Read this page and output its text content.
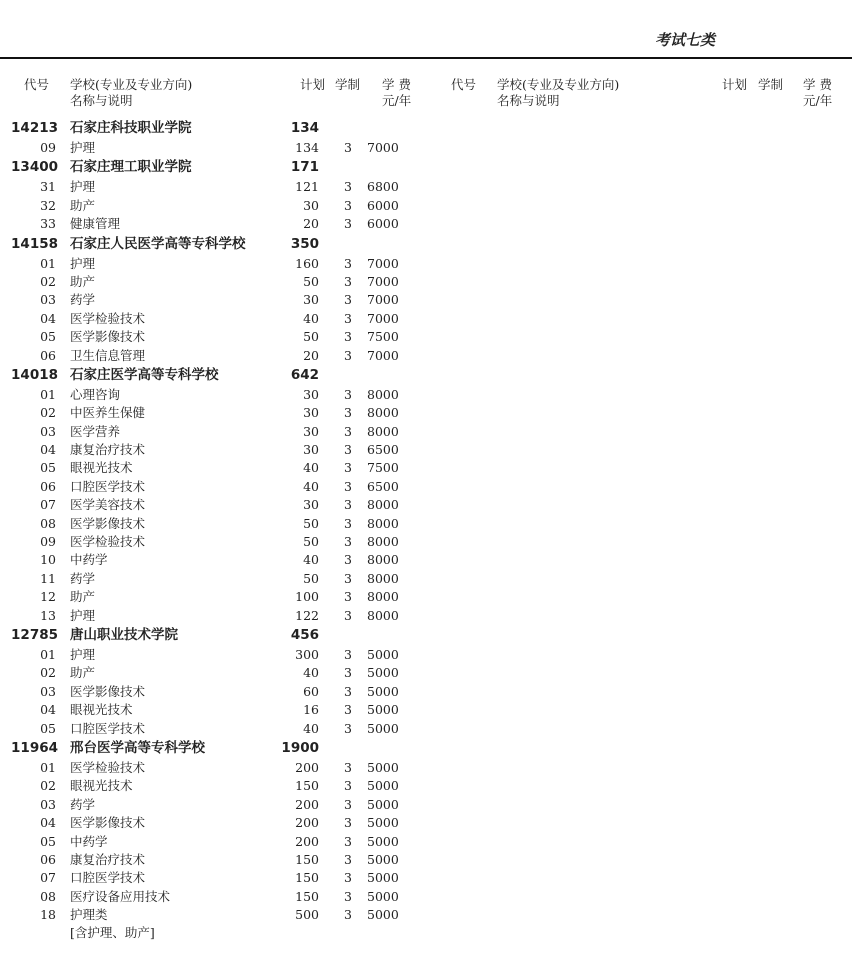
考试七类
代号 学校(专业及专业方向)
名称与说明
计划 学制 学 费
元/年
代号 学校(专业及专业方向)
名称与说明
计划 学制 学 费
元/年
14213 石家庄科技职业学院	134
09 护理	134 3 7000
13400 石家庄理工职业学院	171
31 护理	121 3 6800
32 助产	30 3 6000
33 健康管理	20 3 6000
14158 石家庄人民医学高等专科学校	350
01 护理	160 3 7000
02 助产	50 3 7000
03 药学	30 3 7000
04 医学检验技术	40 3 7000
05 医学影像技术	50 3 7500
06 卫生信息管理	20 3 7000
14018 石家庄医学高等专科学校	642
01 心理咨询	30 3 8000
02 中医养生保健	30 3 8000
03 医学营养	30 3 8000
04 康复治疗技术	30 3 6500
05 眼视光技术	40 3 7500
06 口腔医学技术	40 3 6500
07 医学美容技术	30 3 8000
08 医学影像技术	50 3 8000
09 医学检验技术	50 3 8000
10 中药学	40 3 8000
11 药学	50 3 8000
12 助产	100 3 8000
13 护理	122 3 8000
12785 唐山职业技术学院	456
01 护理	300 3 5000
02 助产	40 3 5000
03 医学影像技术	60 3 5000
04 眼视光技术	16 3 5000
05 口腔医学技术	40 3 5000
11964 邢台医学高等专科学校	1900
01 医学检验技术	200 3 5000
02 眼视光技术	150 3 5000
03 药学	200 3 5000
04 医学影像技术	200 3 5000
05 中药学	200 3 5000
06 康复治疗技术	150 3 5000
07 口腔医学技术	150 3 5000
08 医疗设备应用技术	150 3 5000
18 护理类	500 3 5000
[含护理、助产]
